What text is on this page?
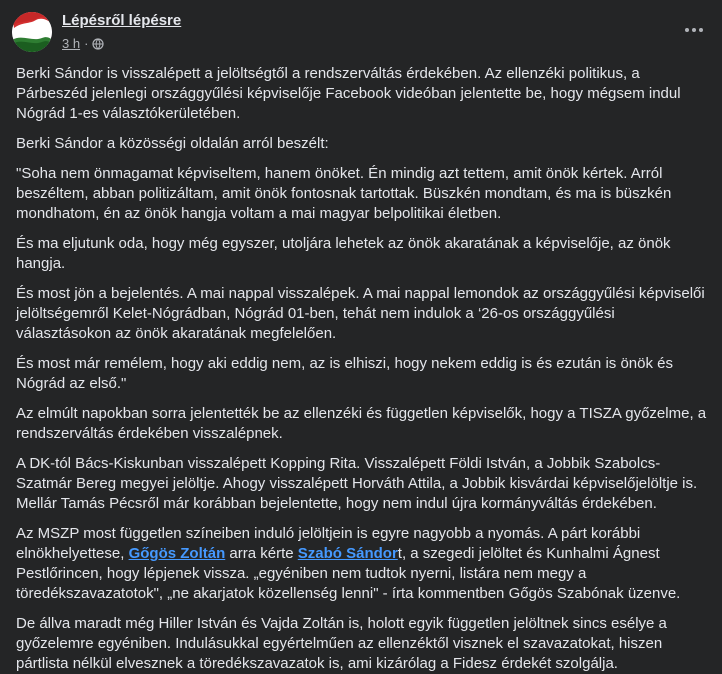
Lépésről lépésre
3 h ·

Berki Sándor is visszalépett a jelöltségtől a rendszerváltás érdekében. Az ellenzéki politikus, a Párbeszéd jelenlegi országgyűlési képviselője Facebook videóban jelentette be, hogy mégsem indul Nógrád 1-es választókerületében.

Berki Sándor a közösségi oldalán arról beszélt:

"Soha nem önmagamat képviseltem, hanem önöket. Én mindig azt tettem, amit önök kértek. Arról beszéltem, abban politizáltam, amit önök fontosnak tartottak. Büszkén mondtam, és ma is büszkén mondhatom, én az önök hangja voltam a mai magyar belpolitikai életben.

És ma eljutunk oda, hogy még egyszer, utoljára lehetek az önök akaratának a képviselője, az önök hangja.

És most jön a bejelentés. A mai nappal visszalépek. A mai nappal lemondok az országgyűlési képviselői jelöltségemről Kelet-Nógrádban, Nógrád 01-ben, tehát nem indulok a ‘26-os országgyűlési választásokon az önök akaratának megfelelően.

És most már remélem, hogy aki eddig nem, az is elhiszi, hogy nekem eddig is és ezután is önök és Nógrád az első."

Az elmúlt napokban sorra jelentették be az ellenzéki és független képviselők, hogy a TISZA győzelme, a rendszerváltás érdekében visszalépnek.

A DK-tól Bács-Kiskunban visszalépett Kopping Rita. Visszalépett Földi István, a Jobbik Szabolcs-Szatmár Bereg megyei jelöltje. Ahogy visszalépett Horváth Attila, a Jobbik kisvárdai képviselőjelöltje is. Mellár Tamás Pécsről már korábban bejelentette, hogy nem indul újra kormányváltás érdekében.

Az MSZP most független színeiben induló jelöltjein is egyre nagyobb a nyomás. A párt korábbi elnökhelyettese, Gőgös Zoltán arra kérte Szabó Sándort, a szegedi jelöltet és Kunhalmi Ágnest Pestlőrincen, hogy lépjenek vissza. „egyéniben nem tudtok nyerni, listára nem megy a töredékszavazatotok", „ne akarjatok közellenség lenni" - írta kommentben Gőgös Szabónak üzenve.

De állva maradt még Hiller István és Vajda Zoltán is, holott egyik független jelöltnek sincs esélye a győzelemre egyéniben. Indulásukkal egyértelműen az ellenzéktől visznek el szavazatokat, hiszen pártlista nélkül elvesznek a töredékszavazatok is, ami kizárólag a Fidesz érdekét szolgálja.
